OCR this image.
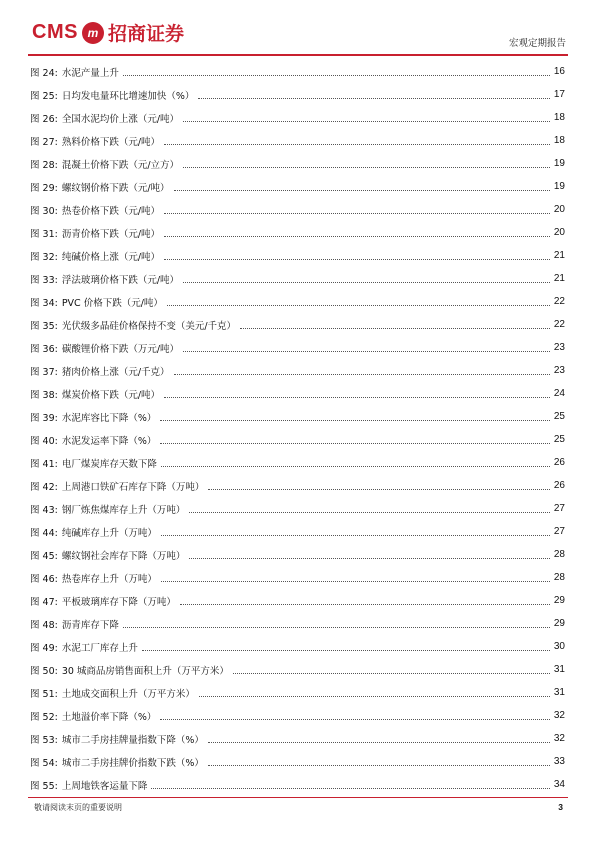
CMS m 招商证券	宏观定期报告
图 24: 水泥产量上升	16
图 25: 日均发电量环比增速加快（%）	17
图 26: 全国水泥均价上涨（元/吨）	18
图 27: 熟料价格下跌（元/吨）	18
图 28: 混凝土价格下跌（元/立方）	19
图 29: 螺纹钢价格下跌（元/吨）	19
图 30: 热卷价格下跌（元/吨）	20
图 31: 沥青价格下跌（元/吨）	20
图 32: 纯碱价格上涨（元/吨）	21
图 33: 浮法玻璃价格下跌（元/吨）	21
图 34: PVC 价格下跌（元/吨）	22
图 35: 光伏级多晶硅价格保持不变（美元/千克）	22
图 36: 碳酸锂价格下跌（万元/吨）	23
图 37: 猪肉价格上涨（元/千克）	23
图 38: 煤炭价格下跌（元/吨）	24
图 39: 水泥库容比下降（%）	25
图 40: 水泥发运率下降（%）	25
图 41: 电厂煤炭库存天数下降	26
图 42: 上周港口铁矿石库存下降（万吨）	26
图 43: 钢厂炼焦煤库存上升（万吨）	27
图 44: 纯碱库存上升（万吨）	27
图 45: 螺纹钢社会库存下降（万吨）	28
图 46: 热卷库存上升（万吨）	28
图 47: 平板玻璃库存下降（万吨）	29
图 48: 沥青库存下降	29
图 49: 水泥工厂库存上升	30
图 50: 30 城商品房销售面积上升（万平方米）	31
图 51: 土地成交面积上升（万平方米）	31
图 52: 土地溢价率下降（%）	32
图 53: 城市二手房挂牌量指数下降（%）	32
图 54: 城市二手房挂牌价指数下跌（%）	33
图 55: 上周地铁客运量下降	34
敬请阅读末页的重要说明	3
